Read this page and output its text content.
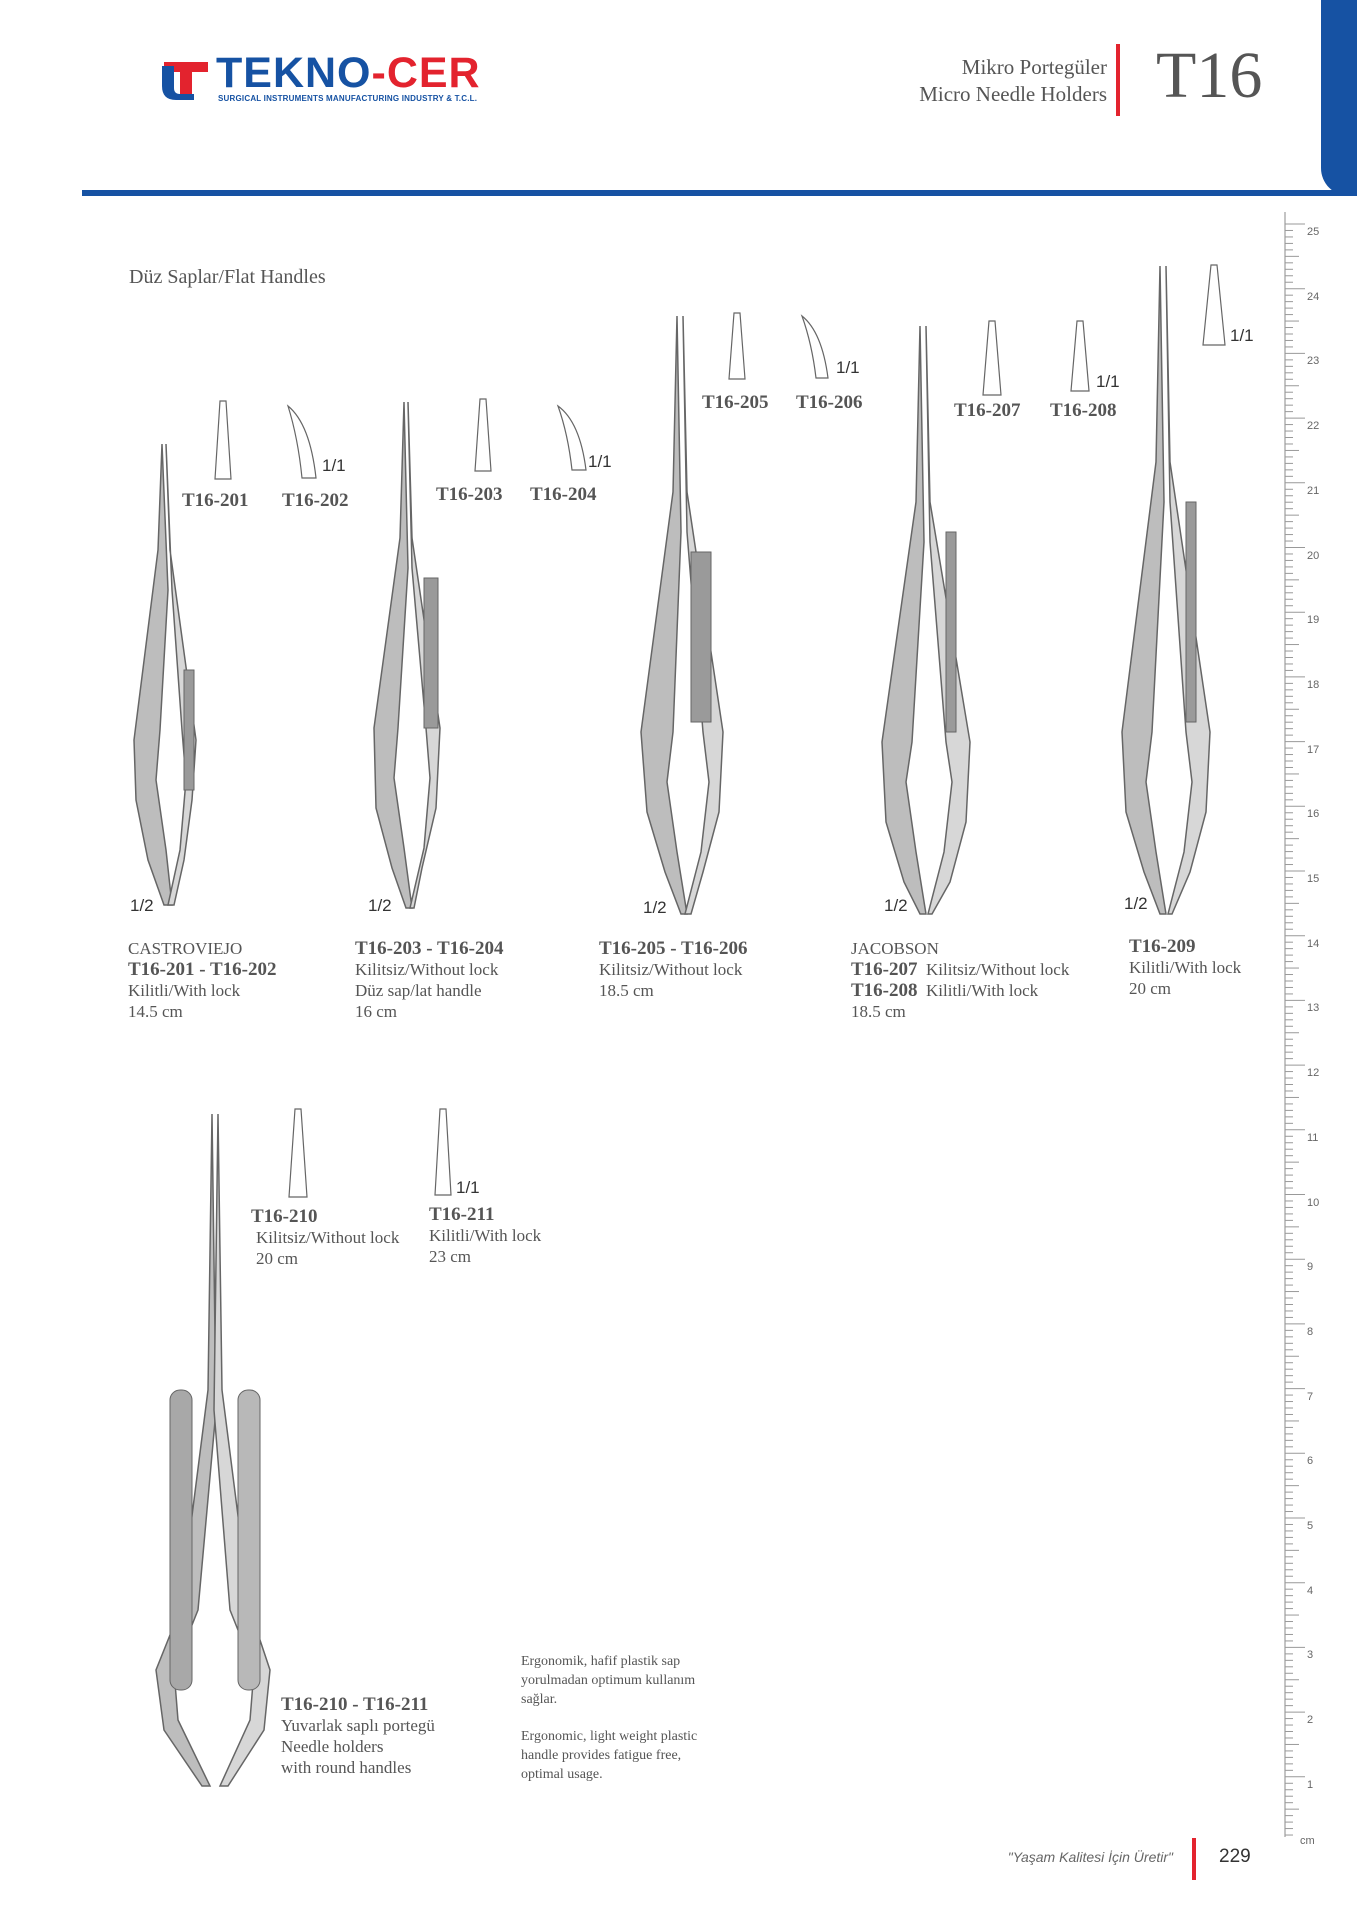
TEKNO-CER
SURGICAL INSTRUMENTS MANUFACTURING INDUSTRY & T.C.L.
Mikro Portegüler
Micro Needle Holders T16
Düz Saplar/Flat Handles
1/1	1/1
1/1
1/1
1/1
1/1
1/2	1/2	1/2	1/2	1/2
T16-201 T16-202	T16-203 T16-204
T16-205 T16-206	T16-207 T16-208
CASTROVIEJO
T16-201 - T16-202
Kilitli/With lock
14.5 cm
T16-203 - T16-204
Kilitsiz/Without lock
Düz sap/lat handle
16 cm
T16-205 - T16-206
Kilitsiz/Without lock
18.5 cm
JACOBSON
T16-207 Kilitsiz/Without lock
T16-208 Kilitli/With lock
18.5 cm
T16-209
Kilitli/With lock
20 cm
T16-210
Kilitsiz/Without lock
20 cm
T16-211
Kilitli/With lock
23 cm
T16-210 - T16-211
Yuvarlak saplı portegü
Needle holders
with round handles
Ergonomik, hafif plastik sap
yorulmadan optimum kullanım
sağlar.
Ergonomic, light weight plastic
handle provides fatigue free,
optimal usage.
25
24
23
22
21
20
19
18
17
16
15
14
13
12
11
10
9
8
7
6
5
4
3
2
1
cm
"Yaşam Kalitesi İçin Üretir" 229
